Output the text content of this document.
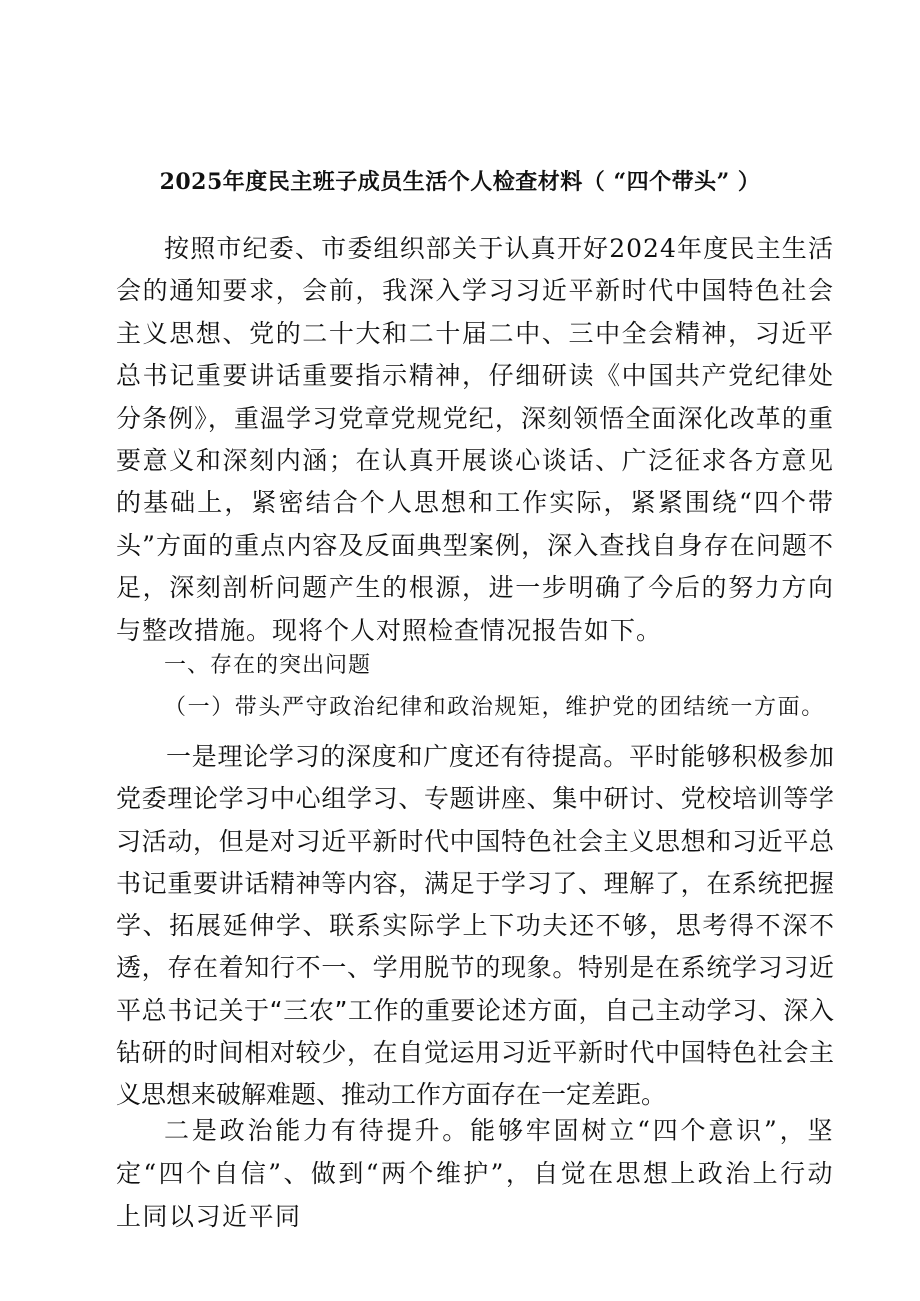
2025年度民主班子成员生活个人检查材料（ “四个带头” ）

按照市纪委、市委组织部关于认真开好2024年度民主生活会的通知要求，会前，我深入学习习近平新时代中国特色社会主义思想、党的二十大和二十届二中、三中全会精神，习近平总书记重要讲话重要指示精神，仔细研读《中国共产党纪律处分条例》，重温学习党章党规党纪，深刻领悟全面深化改革的重要意义和深刻内涵；在认真开展谈心谈话、广泛征求各方意见的基础上，紧密结合个人思想和工作实际，紧紧围绕“四个带头”方面的重点内容及反面典型案例，深入查找自身存在问题不足，深刻剖析问题产生的根源，进一步明确了今后的努力方向与整改措施。现将个人对照检查情况报告如下。

一、存在的突出问题
（一）带头严守政治纪律和政治规矩，维护党的团结统一方面。

一是理论学习的深度和广度还有待提高。平时能够积极参加党委理论学习中心组学习、专题讲座、集中研讨、党校培训等学习活动，但是对习近平新时代中国特色社会主义思想和习近平总书记重要讲话精神等内容，满足于学习了、理解了，在系统把握学、拓展延伸学、联系实际学上下功夫还不够，思考得不深不透，存在着知行不一、学用脱节的现象。特别是在系统学习习近平总书记关于“三农”工作的重要论述方面，自己主动学习、深入钻研的时间相对较少，在自觉运用习近平新时代中国特色社会主义思想来破解难题、推动工作方面存在一定差距。

二是政治能力有待提升。能够牢固树立“四个意识”，坚定“四个自信”、做到“两个维护”，自觉在思想上政治上行动上同以习近平同
